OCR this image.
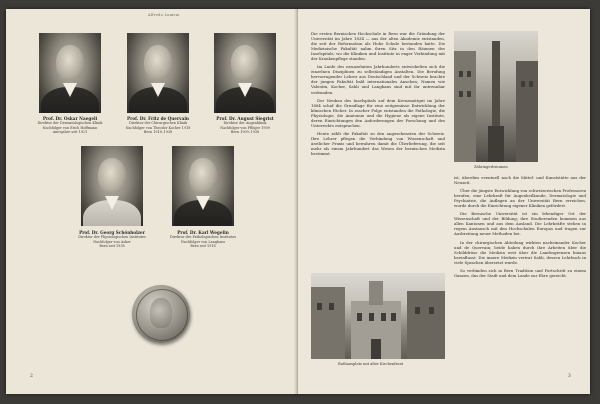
Alfredo Lumeni
Prof. Dr. Oskar Naegeli
Direktor der Dermatologischen Klinik
Nachfolger von Erich Hoffmann
Amtsjahre seit 1921
Prof. Dr. Fritz de Quervain
Direktor der Chirurgischen Klinik
Nachfolger von Theodor Kocher 1918
Bern 1918–1938
Prof. Dr. August Siegrist
Direktor der Augenklinik
Nachfolger von Pflüger 1909
Bern 1909–1938
Prof. Dr. Georg Schönholzer
Direktor der Physiologischen Institutes
Nachfolger von Asher
Bern seit 1938
Prof. Dr. Karl Wegelin
Direktor des Pathologischen Institutes
Nachfolger von Langhans
Bern seit 1916
2

Die ersten Bernischen Hochschule in Bern war die Gründung der Universität im Jahre 1834 — aus der alten Akademie entstanden, die seit der Reformation als Hohe Schule bestanden hatte. Die Medizinische Fakultät nahm ihren Sitz in den Räumen des Inselspitals, wo die Kliniken und Institute in enger Verbindung mit der Krankenpflege standen.

Im Laufe des neunzehnten Jahrhunderts entwickelten sich die einzelnen Disziplinen zu selbständigen Anstalten. Die Berufung hervorragender Lehrer aus Deutschland und der Schweiz brachte der jungen Fakultät bald internationales Ansehen; Namen wie Valentin, Kocher, Sahli und Langhans sind mit ihr untrennbar verbunden.

Der Neubau des Inselspitals auf dem Kreuzmattgut im Jahre 1884 schuf die Grundlage für eine zeitgemässe Entwicklung der klinischen Fächer. In rascher Folge entstanden die Pathologie, die Physiologie, die Anatomie und die Hygiene als eigene Institute, deren Einrichtungen den Anforderungen der Forschung und des Unterrichts entsprachen.

Heute zählt die Fakultät zu den angesehensten der Schweiz. Ihre Lehrer pflegen die Verbindung von Wissenschaft und ärztlicher Praxis und bewahren damit die Überlieferung, die seit mehr als einem Jahrhundert das Wesen der bernischen Medizin bestimmt.

Zähringerbrunnen

ist, überdies eventuell noch die Mittel- und Kunststätte aus der Neuzeit.

Über die jüngste Entwicklung von schweizerischen Professoren berufen, eine Lehrkraft für Augenheilkunde, Dermatologie und Psychiatrie, die Auflagen an der Universität Bern erreichen, wurde durch die Einrichtung eigener Kliniken gefördert.

Die Bernische Universität ist ein lebendiger Ort der Wissenschaft und der Bildung; ihre Studierenden kommen aus allen Kantonen und aus dem Ausland. Die Lehrkräfte stehen in regem Austausch mit den Hochschulen Europas und tragen zur Ausbreitung neuer Methoden bei.

In der chirurgischen Abteilung wirkten nacheinander Kocher und de Quervain; beide haben durch ihre Arbeiten über die Schilddrüse die Medizin weit über die Landesgrenzen hinaus beeinflusst. Die innere Medizin vertrat Sahli, dessen Lehrbuch in viele Sprachen übersetzt wurde.

So verbinden sich in Bern Tradition und Fortschritt zu einem Ganzen, das der Stadt und dem Lande zur Ehre gereicht.

Rathausplatz mit alter Kirchenfront
3
